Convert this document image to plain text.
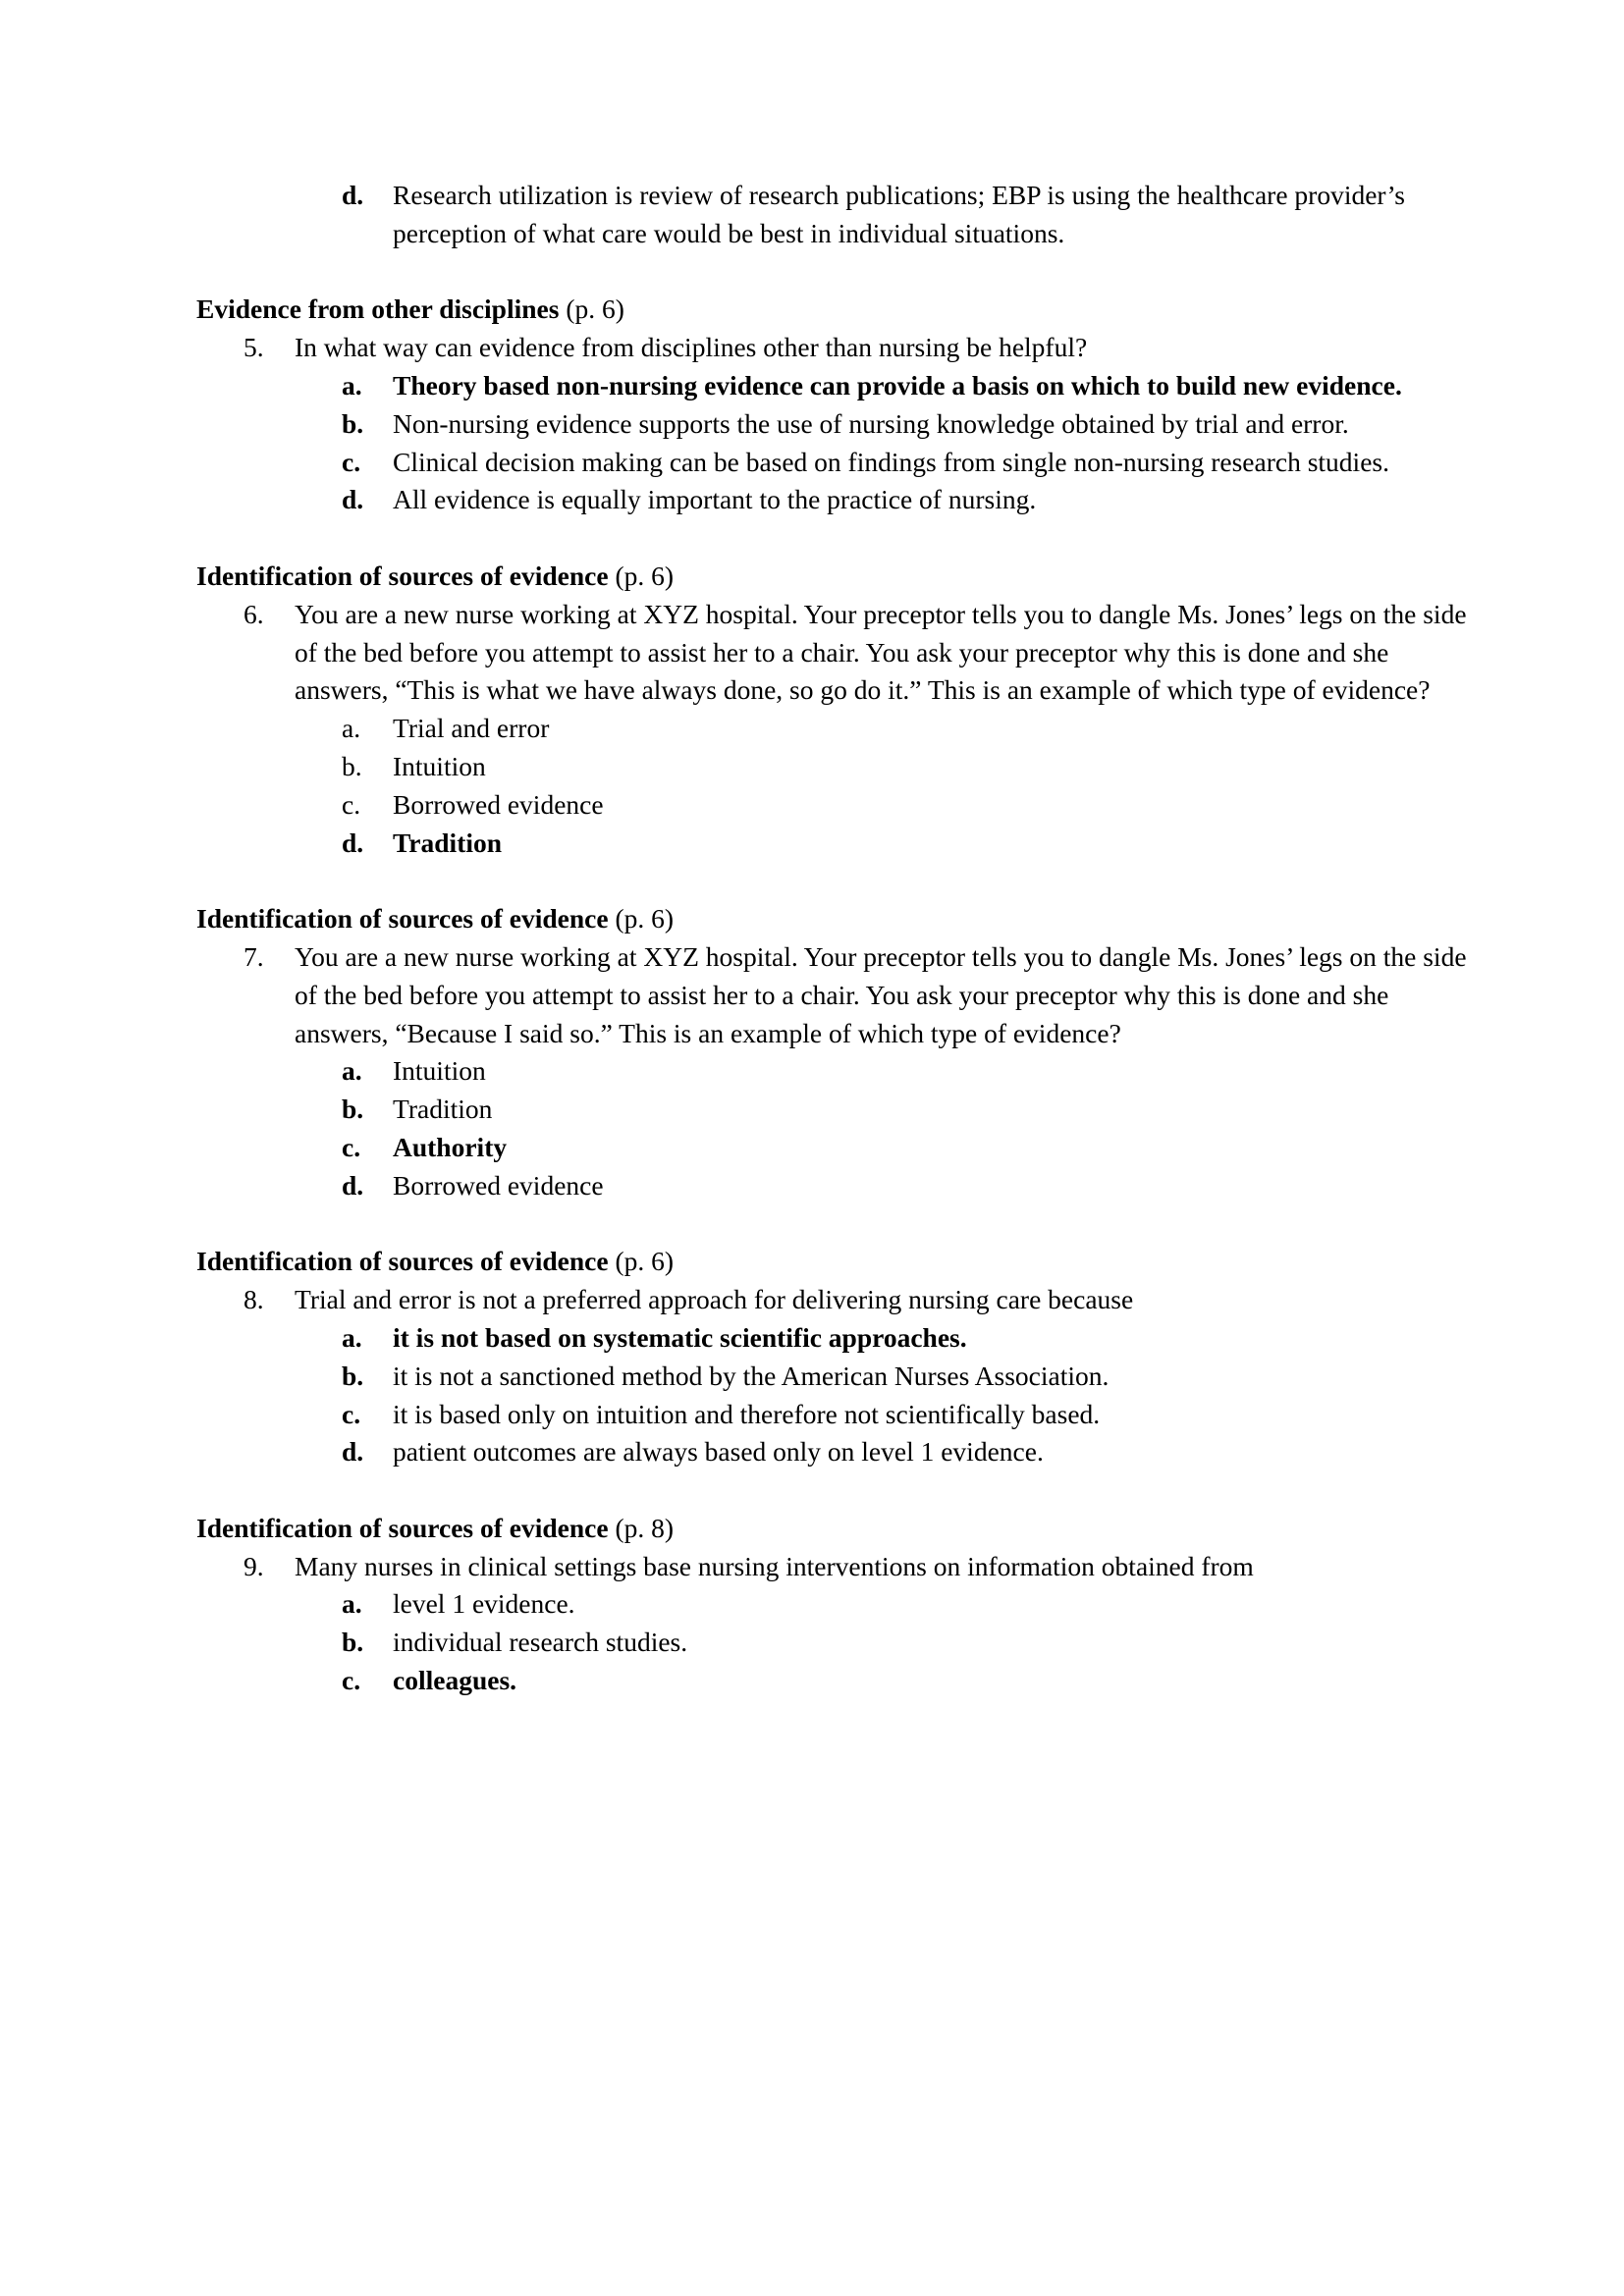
d.	Research utilization is review of research publications; EBP is using the healthcare provider’s perception of what care would be best in individual situations.
Evidence from other disciplines (p. 6)
5.	In what way can evidence from disciplines other than nursing be helpful?
a.	Theory based non-nursing evidence can provide a basis on which to build new evidence.
b.	Non-nursing evidence supports the use of nursing knowledge obtained by trial and error.
c.	Clinical decision making can be based on findings from single non-nursing research studies.
d.	All evidence is equally important to the practice of nursing.
Identification of sources of evidence (p. 6)
6.	You are a new nurse working at XYZ hospital. Your preceptor tells you to dangle Ms. Jones’ legs on the side of the bed before you attempt to assist her to a chair. You ask your preceptor why this is done and she answers, “This is what we have always done, so go do it.” This is an example of which type of evidence?
a.	Trial and error
b.	Intuition
c.	Borrowed evidence
d.	Tradition
Identification of sources of evidence (p. 6)
7.	You are a new nurse working at XYZ hospital. Your preceptor tells you to dangle Ms. Jones’ legs on the side of the bed before you attempt to assist her to a chair. You ask your preceptor why this is done and she answers, “Because I said so.” This is an example of which type of evidence?
a.	Intuition
b.	Tradition
c.	Authority
d.	Borrowed evidence
Identification of sources of evidence (p. 6)
8.	Trial and error is not a preferred approach for delivering nursing care because
a.	it is not based on systematic scientific approaches.
b.	it is not a sanctioned method by the American Nurses Association.
c.	it is based only on intuition and therefore not scientifically based.
d.	patient outcomes are always based only on level 1 evidence.
Identification of sources of evidence (p. 8)
9.	Many nurses in clinical settings base nursing interventions on information obtained from
a.	level 1 evidence.
b.	individual research studies.
c.	colleagues.
